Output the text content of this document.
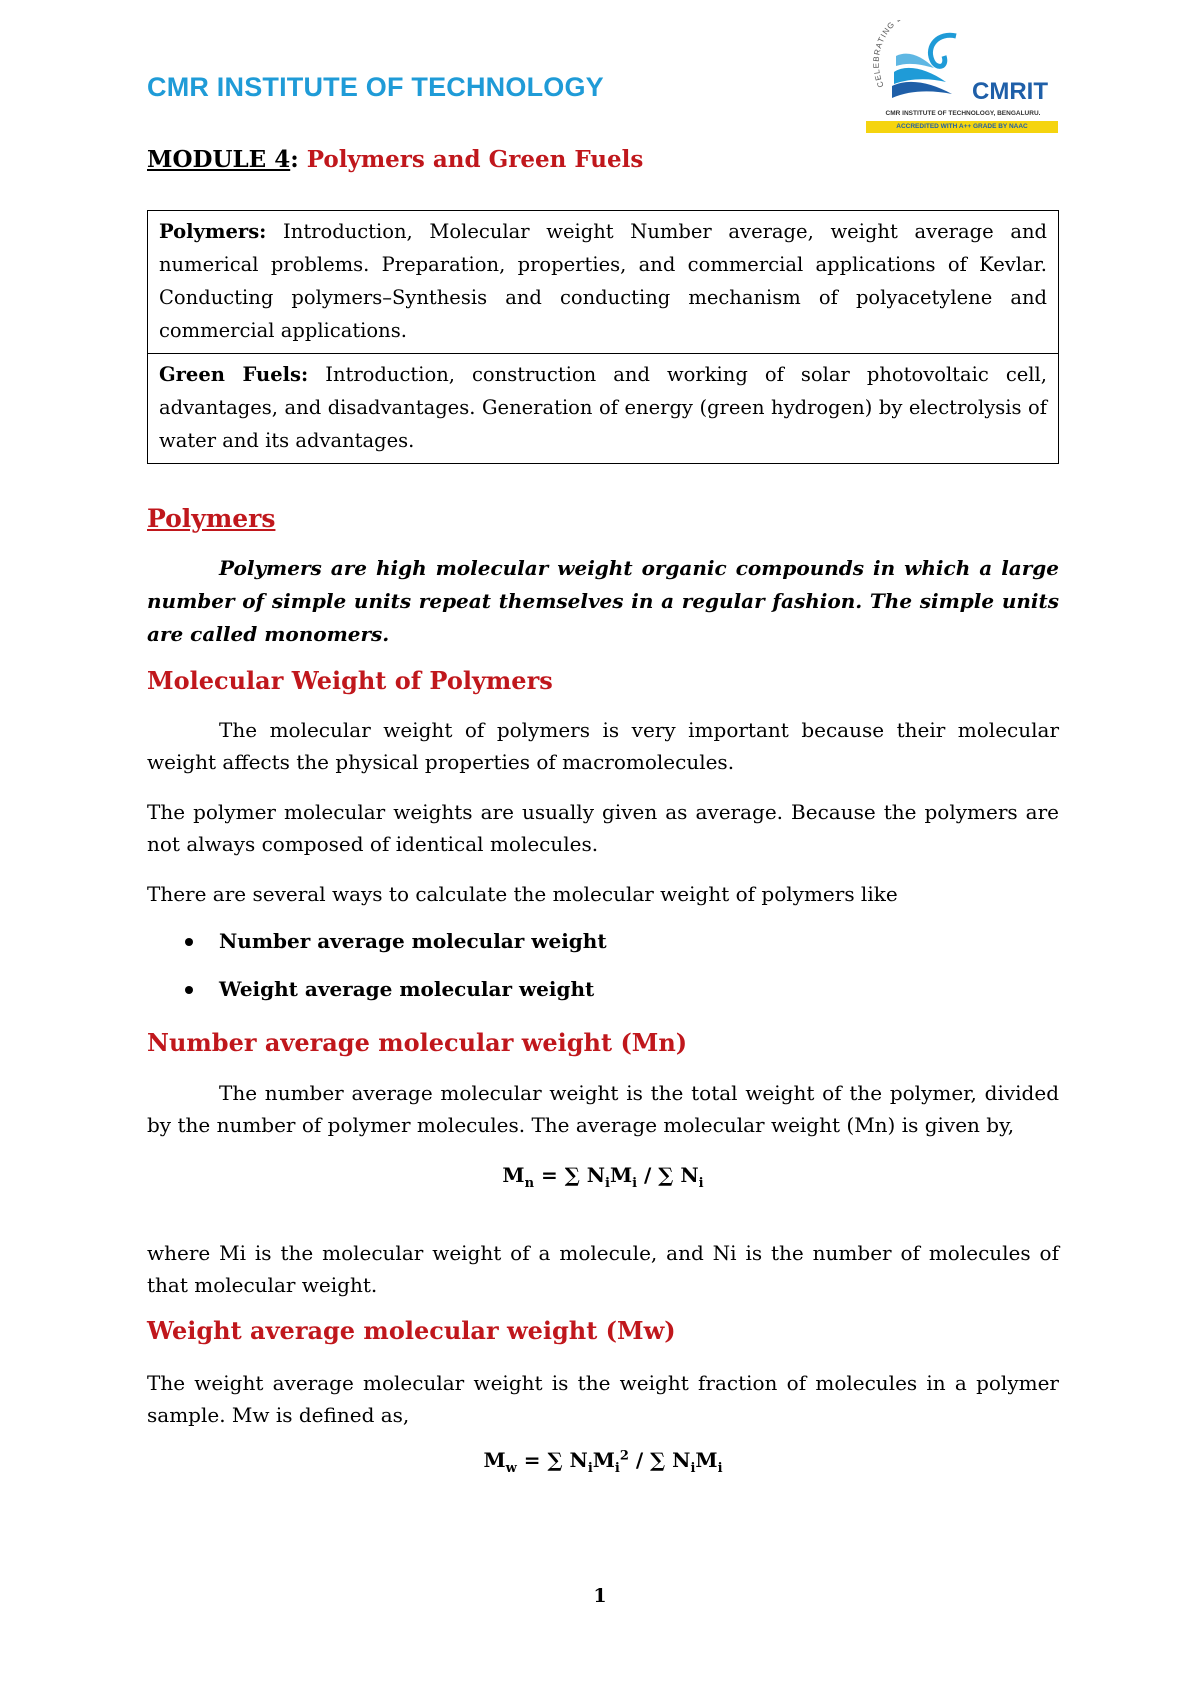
CMR INSTITUTE OF TECHNOLOGY	CELEBRATING
CMRIT
CMR INSTITUTE OF TECHNOLOGY, BENGALURU.
ACCREDITED WITH A++ GRADE BY NAAC
MODULE 4: Polymers and Green Fuels
Polymers: Introduction, Molecular weight Number average, weight average and numerical problems. Preparation, properties, and commercial applications of Kevlar. Conducting polymers–Synthesis and conducting mechanism of polyacetylene and commercial applications.
Green Fuels: Introduction, construction and working of solar photovoltaic cell, advantages, and disadvantages. Generation of energy (green hydrogen) by electrolysis of water and its advantages.
Polymers

Polymers are high molecular weight organic compounds in which a large number of simple units repeat themselves in a regular fashion. The simple units are called monomers.

Molecular Weight of Polymers

The molecular weight of polymers is very important because their molecular weight affects the physical properties of macromolecules.

The polymer molecular weights are usually given as average. Because the polymers are not always composed of identical molecules.

There are several ways to calculate the molecular weight of polymers like

Number average molecular weight
Weight average molecular weight
Number average molecular weight (Mn)

The number average molecular weight is the total weight of the polymer, divided by the number of polymer molecules. The average molecular weight (Mn) is given by,

$M_n$ = ∑ $N_iM_i$ / ∑ $N_i$

where Mi is the molecular weight of a molecule, and Ni is the number of molecules of that molecular weight.

Weight average molecular weight (Mw)

The weight average molecular weight is the weight fraction of molecules in a polymer sample. Mw is defined as,

$M_w$ = ∑ $N_iM_i^2$ / ∑ $N_iM_i$

1
